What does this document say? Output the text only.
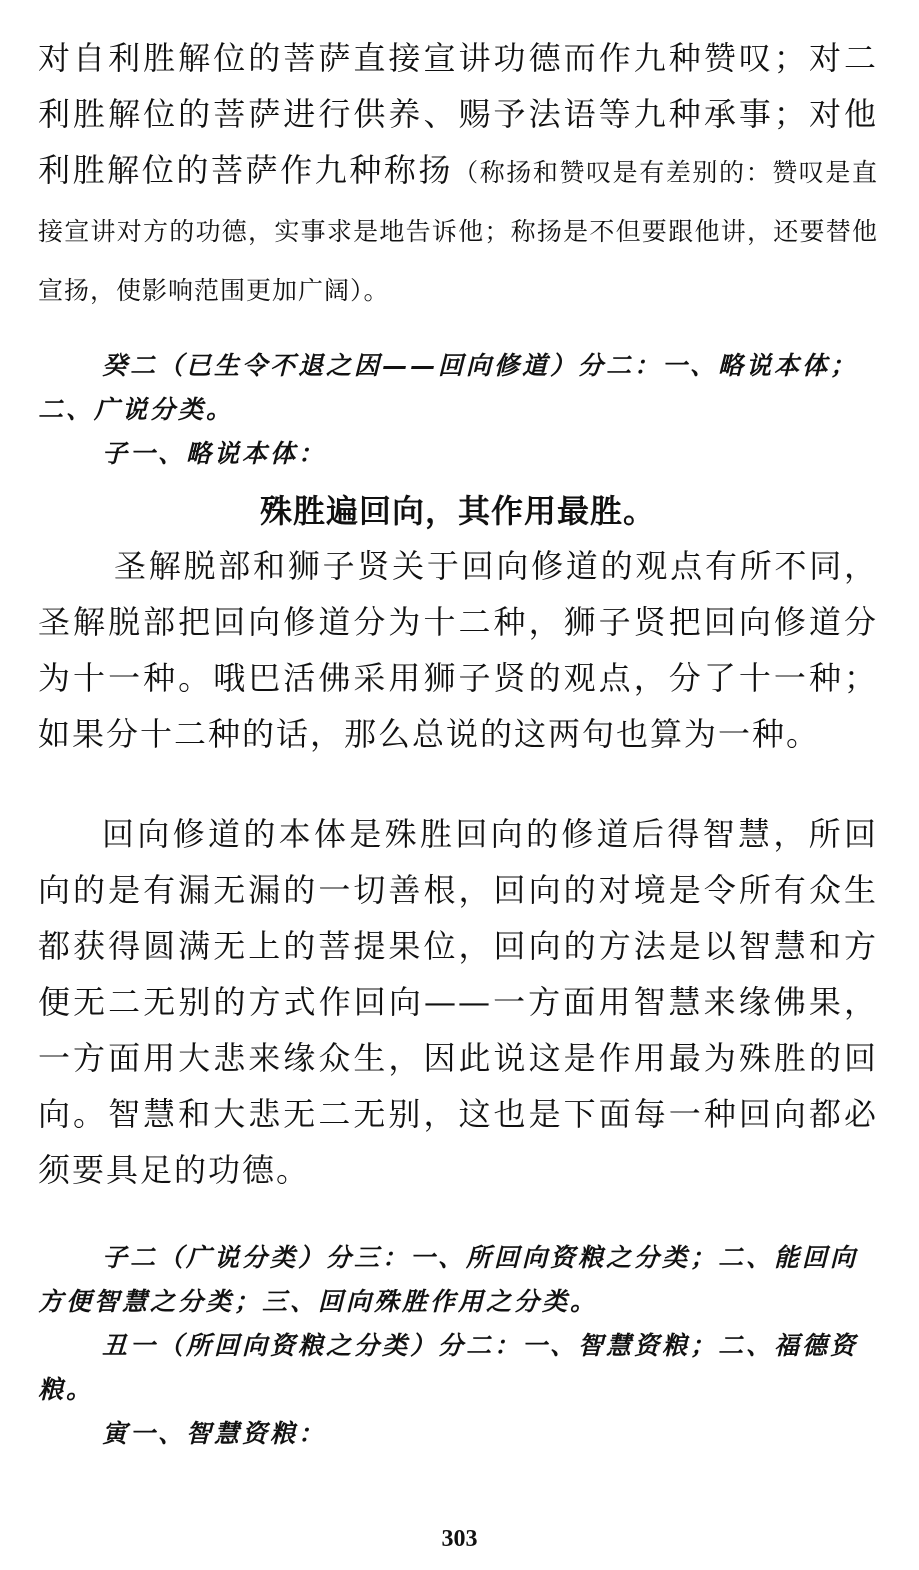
对自利胜解位的菩萨直接宣讲功德而作九种赞叹；对二利胜解位的菩萨进行供养、赐予法语等九种承事；对他利胜解位的菩萨作九种称扬（称扬和赞叹是有差别的：赞叹是直接宣讲对方的功德，实事求是地告诉他；称扬是不但要跟他讲，还要替他宣扬，使影响范围更加广阔）。

癸二（已生令不退之因——回向修道）分二：一、略说本体；二、广说分类。

子一、略说本体：

殊胜遍回向，其作用最胜。

圣解脱部和狮子贤关于回向修道的观点有所不同，圣解脱部把回向修道分为十二种，狮子贤把回向修道分为十一种。哦巴活佛采用狮子贤的观点，分了十一种；如果分十二种的话，那么总说的这两句也算为一种。

回向修道的本体是殊胜回向的修道后得智慧，所回向的是有漏无漏的一切善根，回向的对境是令所有众生都获得圆满无上的菩提果位，回向的方法是以智慧和方便无二无别的方式作回向——一方面用智慧来缘佛果，一方面用大悲来缘众生，因此说这是作用最为殊胜的回向。智慧和大悲无二无别，这也是下面每一种回向都必须要具足的功德。

子二（广说分类）分三：一、所回向资粮之分类；二、能回向方便智慧之分类；三、回向殊胜作用之分类。

丑一（所回向资粮之分类）分二：一、智慧资粮；二、福德资粮。

寅一、智慧资粮：

303
